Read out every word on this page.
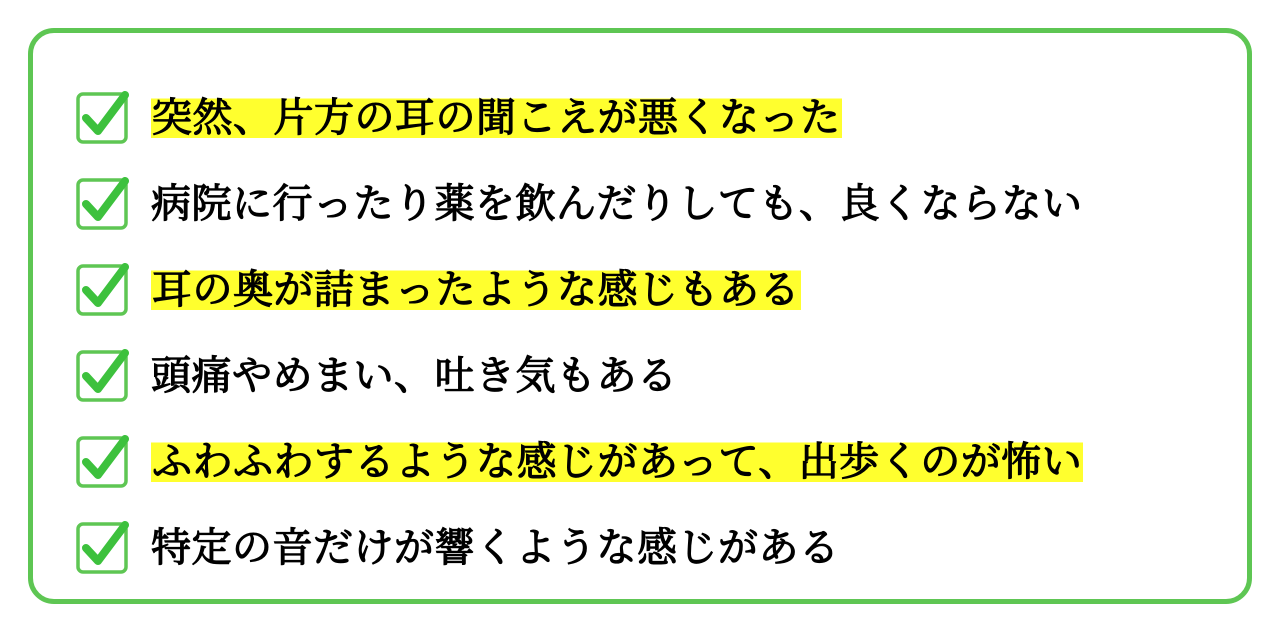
突然、片方の耳の聞こえが悪くなった
病院に行ったり薬を飲んだりしても、良くならない
耳の奥が詰まったような感じもある
頭痛やめまい、吐き気もある
ふわふわするような感じがあって、出歩くのが怖い
特定の音だけが響くような感じがある
